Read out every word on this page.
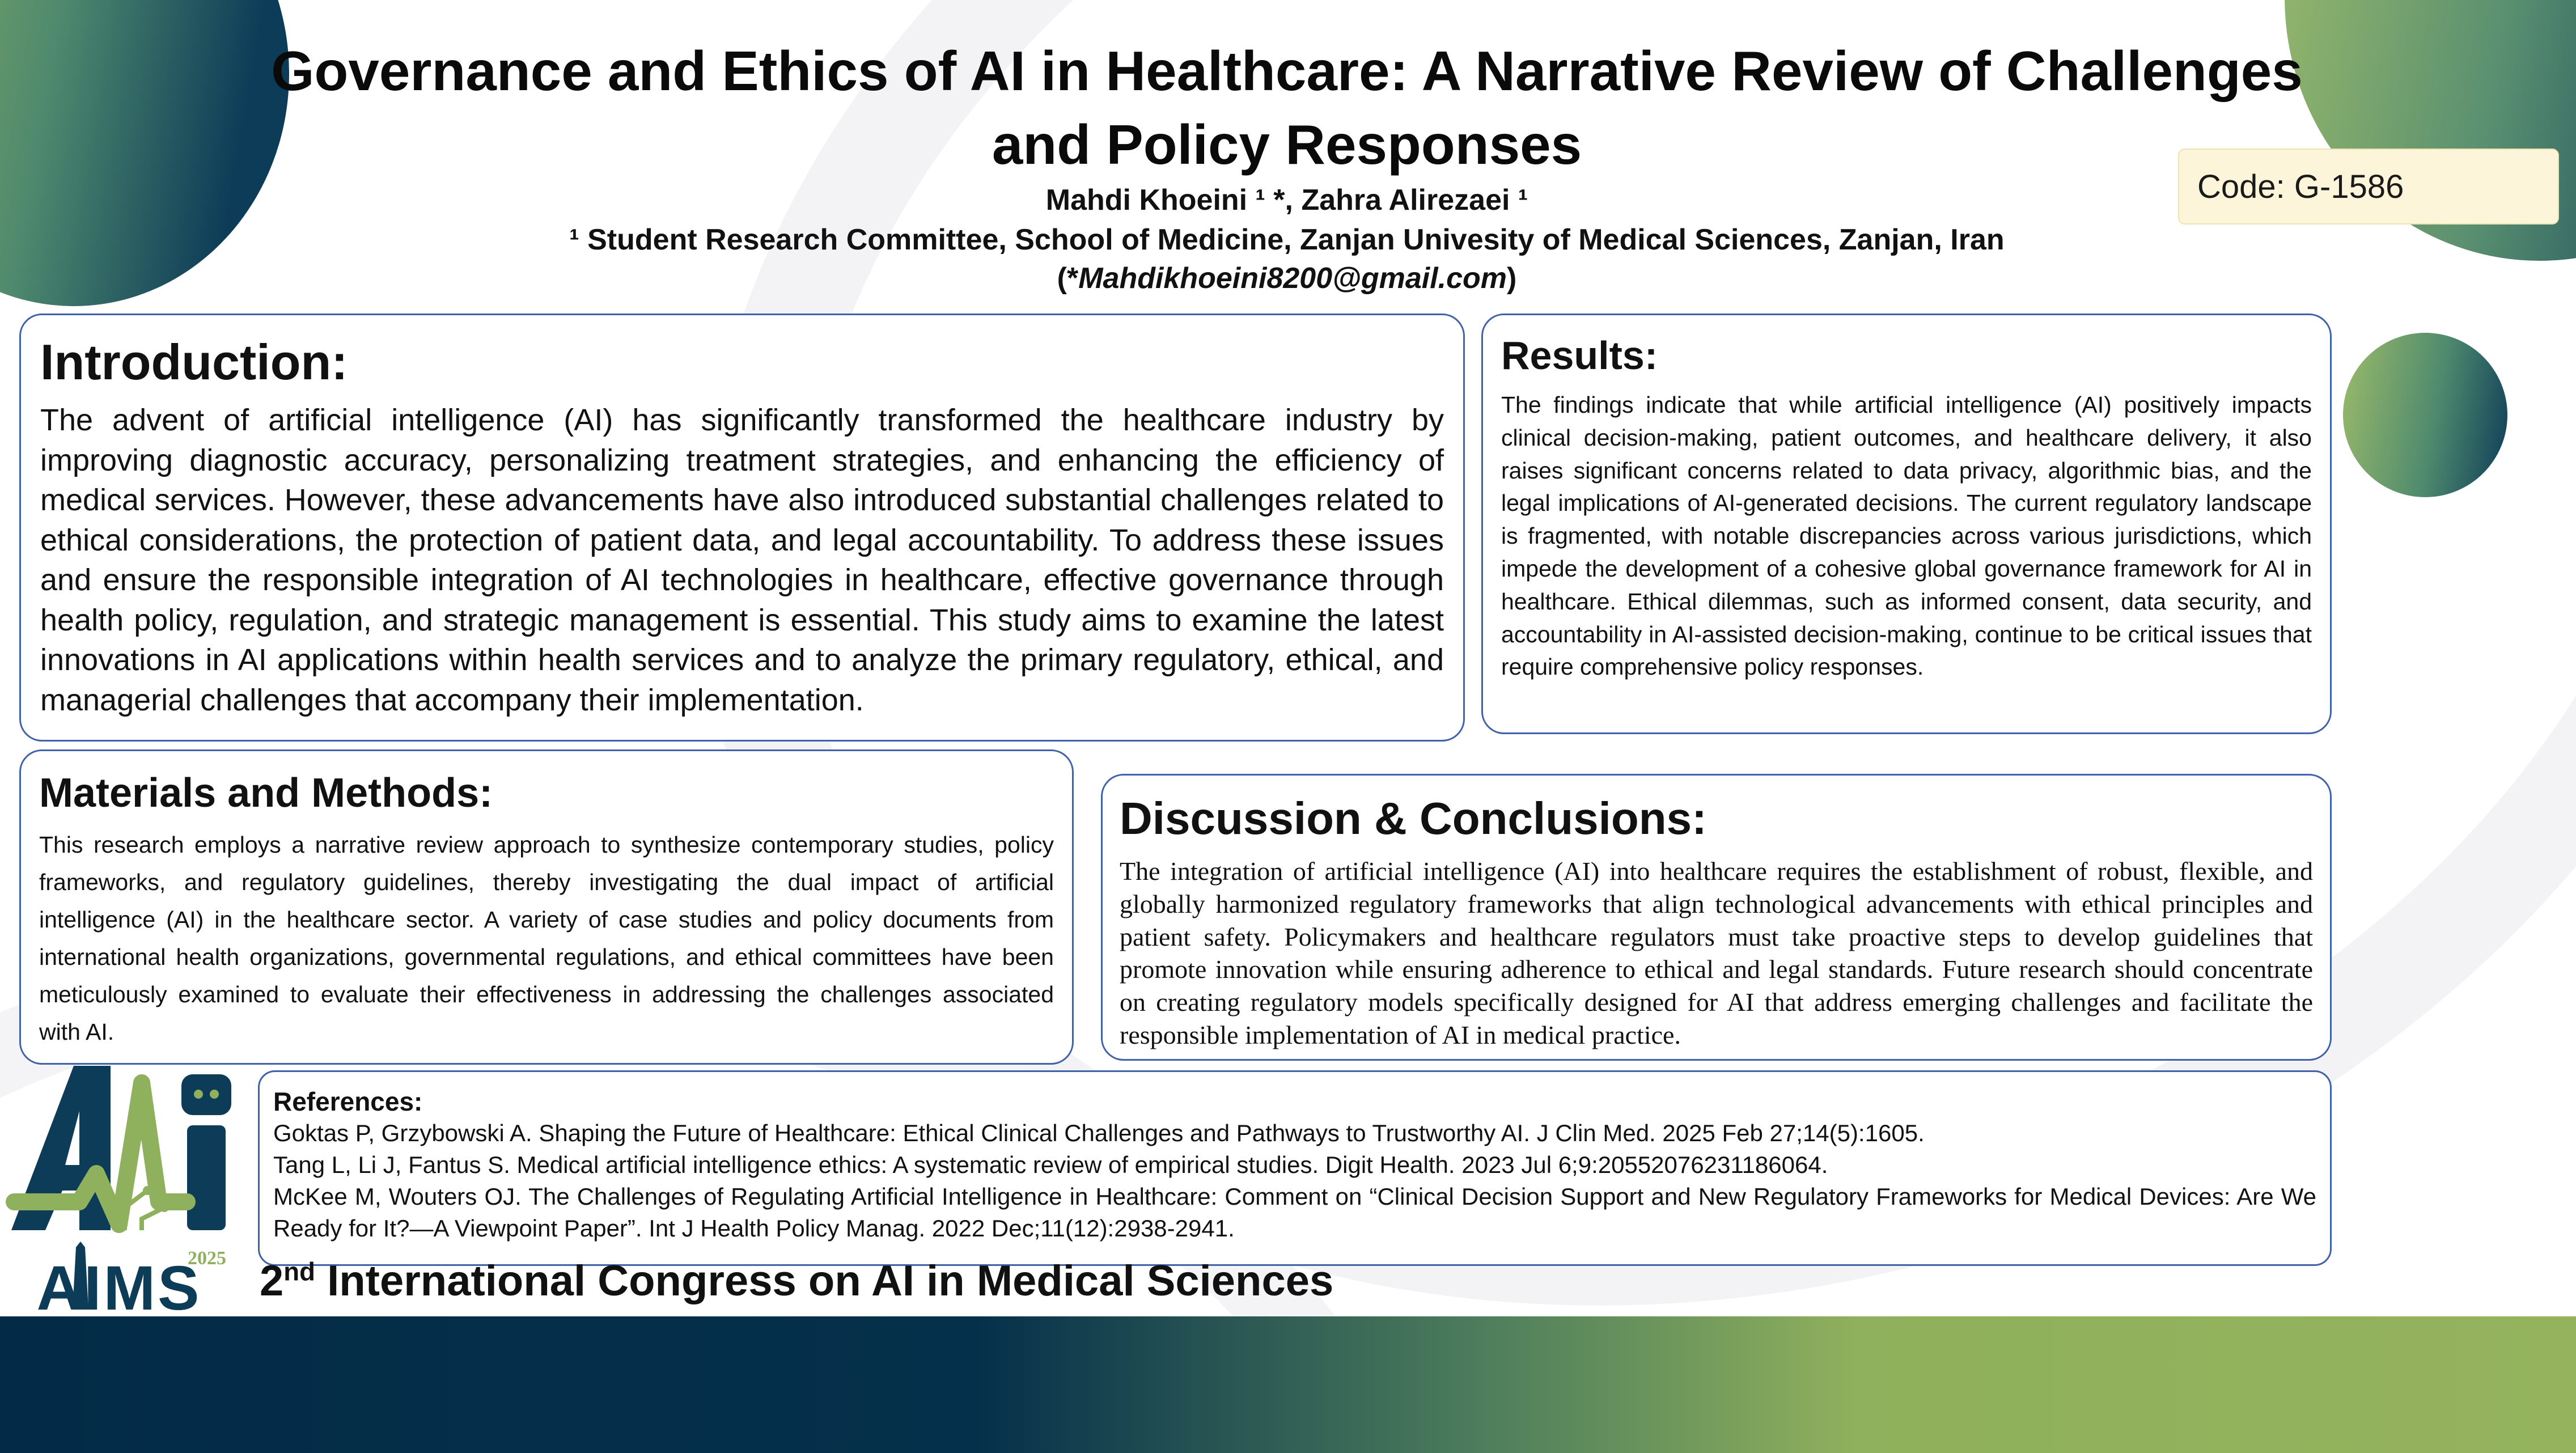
Governance and Ethics of AI in Healthcare: A Narrative Review of Challenges and Policy Responses
Mahdi Khoeini ¹ *, Zahra Alirezaei ¹
¹ Student Research Committee, School of Medicine, Zanjan Univesity of Medical Sciences, Zanjan, Iran
(*Mahdikhoeini8200@gmail.com)
Code: G-1586
Introduction:

The advent of artificial intelligence (AI) has significantly transformed the healthcare industry by improving diagnostic accuracy, personalizing treatment strategies, and enhancing the efficiency of medical services. However, these advancements have also introduced substantial challenges related to ethical considerations, the protection of patient data, and legal accountability. To address these issues and ensure the responsible integration of AI technologies in healthcare, effective governance through health policy, regulation, and strategic management is essential. This study aims to examine the latest innovations in AI applications within health services and to analyze the primary regulatory, ethical, and managerial challenges that accompany their implementation.

Results:

The findings indicate that while artificial intelligence (AI) positively impacts clinical decision-making, patient outcomes, and healthcare delivery, it also raises significant concerns related to data privacy, algorithmic bias, and the legal implications of AI-generated decisions. The current regulatory landscape is fragmented, with notable discrepancies across various jurisdictions, which impede the development of a cohesive global governance framework for AI in healthcare. Ethical dilemmas, such as informed consent, data security, and accountability in AI-assisted decision-making, continue to be critical issues that require comprehensive policy responses.

Materials and Methods:

This research employs a narrative review approach to synthesize contemporary studies, policy frameworks, and regulatory guidelines, thereby investigating the dual impact of artificial intelligence (AI) in the healthcare sector. A variety of case studies and policy documents from international health organizations, governmental regulations, and ethical committees have been meticulously examined to evaluate their effectiveness in addressing the challenges associated with AI.

Discussion & Conclusions:

The integration of artificial intelligence (AI) into healthcare requires the establishment of robust, flexible, and globally harmonized regulatory frameworks that align technological advancements with ethical principles and patient safety. Policymakers and healthcare regulators must take proactive steps to develop guidelines that promote innovation while ensuring adherence to ethical and legal standards. Future research should concentrate on creating regulatory models specifically designed for AI that address emerging challenges and facilitate the responsible implementation of AI in medical practice.

References:

Goktas P, Grzybowski A. Shaping the Future of Healthcare: Ethical Clinical Challenges and Pathways to Trustworthy AI. J Clin Med. 2025 Feb 27;14(5):1605.

Tang L, Li J, Fantus S. Medical artificial intelligence ethics: A systematic review of empirical studies. Digit Health. 2023 Jul 6;9:20552076231186064.

McKee M, Wouters OJ. The Challenges of Regulating Artificial Intelligence in Healthcare: Comment on “Clinical Decision Support and New Regulatory Frameworks for Medical Devices: Are We Ready for It?—A Viewpoint Paper”. Int J Health Policy Manag. 2022 Dec;11(12):2938-2941.

2nd International Congress on AI in Medical Sciences
2025
AIMS
